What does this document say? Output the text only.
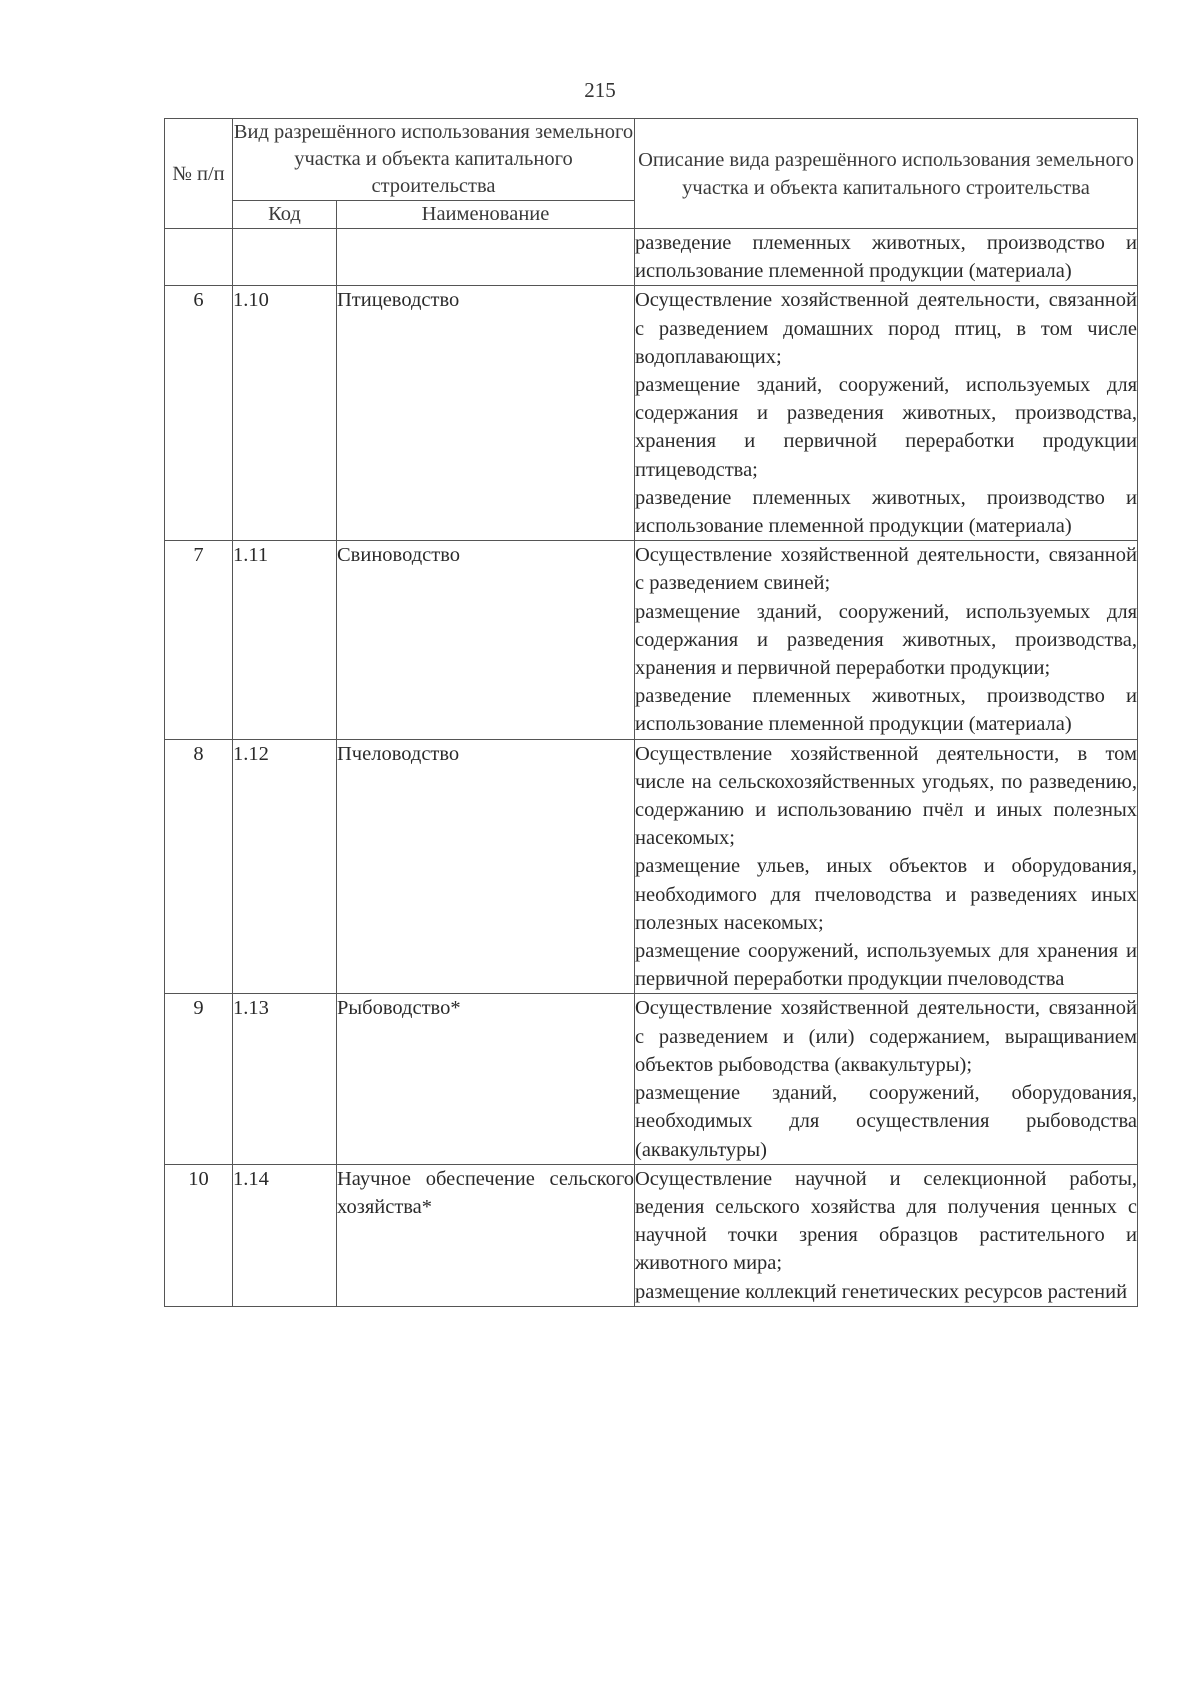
215
№ п/п	Вид разрешённого использования земельного участка и объекта капитального строительства		Описание вида разрешённого использования земельного участка и объекта капитального строительства
	Код	Наименование	

			разведение племенных животных, производство и использование племенной продукции (материала)

6	1.10	Птицеводство	Осуществление хозяйственной деятельности, связанной с разведением домашних пород птиц, в том числе водоплавающих;
размещение зданий, сооружений, используемых для содержания и разведения животных, производства, хранения и первичной переработки продукции птицеводства;
разведение племенных животных, производство и использование племенной продукции (материала)

7	1.11	Свиноводство	Осуществление хозяйственной деятельности, связанной с разведением свиней;
размещение зданий, сооружений, используемых для содержания и разведения животных, производства, хранения и первичной переработки продукции;
разведение племенных животных, производство и использование племенной продукции (материала)

8	1.12	Пчеловодство	Осуществление хозяйственной деятельности, в том числе на сельскохозяйственных угодьях, по разведению, содержанию и использованию пчёл и иных полезных насекомых;
размещение ульев, иных объектов и оборудования, необходимого для пчеловодства и разведениях иных полезных насекомых;
размещение сооружений, используемых для хранения и первичной переработки продукции пчеловодства

9	1.13	Рыбоводство*	Осуществление хозяйственной деятельности, связанной с разведением и (или) содержанием, выращиванием объектов рыбоводства (аквакультуры);
размещение зданий, сооружений, оборудования, необходимых для осуществления рыбоводства (аквакультуры)

10	1.14	Научное обеспечение сельского хозяйства*	Осуществление научной и селекционной работы, ведения сельского хозяйства для получения ценных с научной точки зрения образцов растительного и животного мира;
размещение коллекций генетических ресурсов растений
